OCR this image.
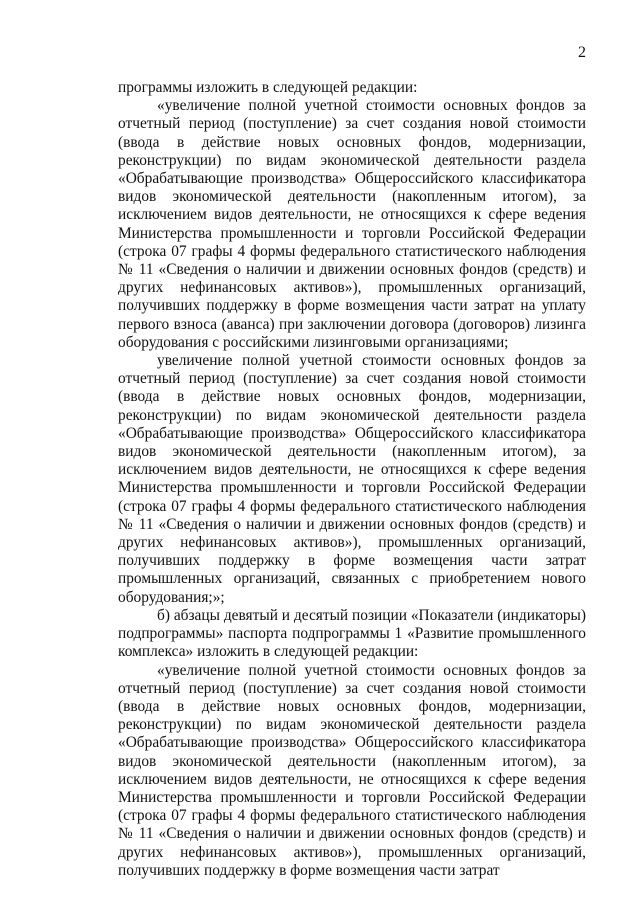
2

программы изложить в следующей редакции:

«увеличение полной учетной стоимости основных фондов за отчетный период (поступление) за счет создания новой стоимости (ввода в действие новых основных фондов, модернизации, реконструкции) по видам экономической деятельности раздела «Обрабатывающие производства» Общероссийского классификатора видов экономической деятельности (накопленным итогом), за исключением видов деятельности, не относящихся к сфере ведения Министерства промышленности и торговли Российской Федерации (строка 07 графы 4 формы федерального статистического наблюдения № 11 «Сведения о наличии и движении основных фондов (средств) и других нефинансовых активов»), промышленных организаций, получивших поддержку в форме возмещения части затрат на уплату первого взноса (аванса) при заключении договора (договоров) лизинга оборудования с российскими лизинговыми организациями;

увеличение полной учетной стоимости основных фондов за отчетный период (поступление) за счет создания новой стоимости (ввода в действие новых основных фондов, модернизации, реконструкции) по видам экономической деятельности раздела «Обрабатывающие производства» Общероссийского классификатора видов экономической деятельности (накопленным итогом), за исключением видов деятельности, не относящихся к сфере ведения Министерства промышленности и торговли Российской Федерации (строка 07 графы 4 формы федерального статистического наблюдения № 11 «Сведения о наличии и движении основных фондов (средств) и других нефинансовых активов»), промышленных организаций, получивших поддержку в форме возмещения части затрат промышленных организаций, связанных с приобретением нового оборудования;»;

б) абзацы девятый и десятый позиции «Показатели (индикаторы) подпрограммы» паспорта подпрограммы 1 «Развитие промышленного комплекса» изложить в следующей редакции:

«увеличение полной учетной стоимости основных фондов за отчетный период (поступление) за счет создания новой стоимости (ввода в действие новых основных фондов, модернизации, реконструкции) по видам экономической деятельности раздела «Обрабатывающие производства» Общероссийского классификатора видов экономической деятельности (накопленным итогом), за исключением видов деятельности, не относящихся к сфере ведения Министерства промышленности и торговли Российской Федерации (строка 07 графы 4 формы федерального статистического наблюдения № 11 «Сведения о наличии и движении основных фондов (средств) и других нефинансовых активов»), промышленных организаций, получивших поддержку в форме возмещения части затрат
